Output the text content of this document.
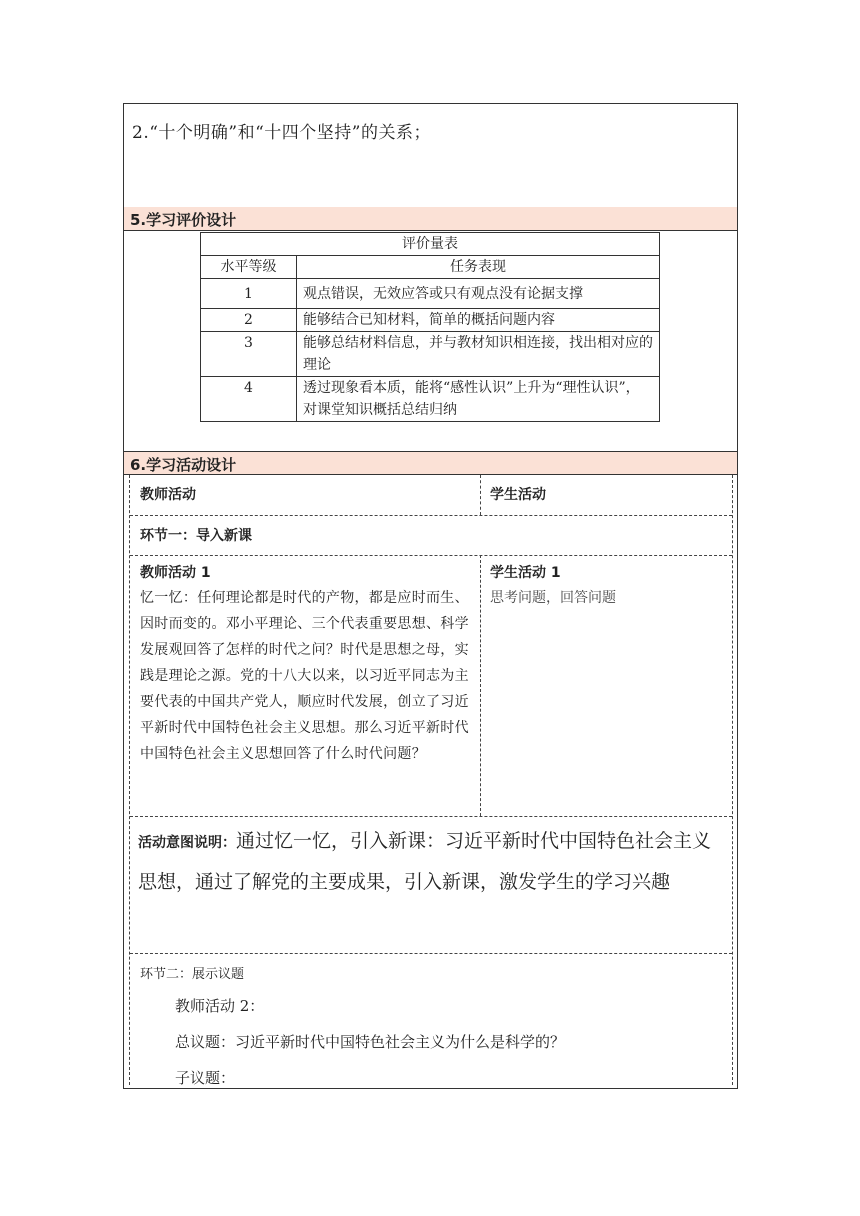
2.“十个明确”和“十四个坚持”的关系；
5.学习评价设计
评价量表	
水平等级	任务表现
1	观点错误，无效应答或只有观点没有论据支撑
2	能够结合已知材料，简单的概括问题内容
3	能够总结材料信息，并与教材知识相连接，找出相对应的理论
4	透过现象看本质，能将“感性认识”上升为“理性认识”，对课堂知识概括总结归纳
6.学习活动设计
教师活动	学生活动
环节一：导入新课
教师活动 1
忆一忆：任何理论都是时代的产物，都是应时而生、因时而变的。邓小平理论、三个代表重要思想、科学发展观回答了怎样的时代之问？时代是思想之母，实践是理论之源。党的十八大以来，以习近平同志为主要代表的中国共产党人，顺应时代发展，创立了习近平新时代中国特色社会主义思想。那么习近平新时代中国特色社会主义思想回答了什么时代问题？
学生活动 1
思考问题，回答问题
活动意图说明：通过忆一忆，引入新课：习近平新时代中国特色社会主义思想，通过了解党的主要成果，引入新课，激发学生的学习兴趣
环节二：展示议题
教师活动 2：
总议题：习近平新时代中国特色社会主义为什么是科学的？
子议题：
